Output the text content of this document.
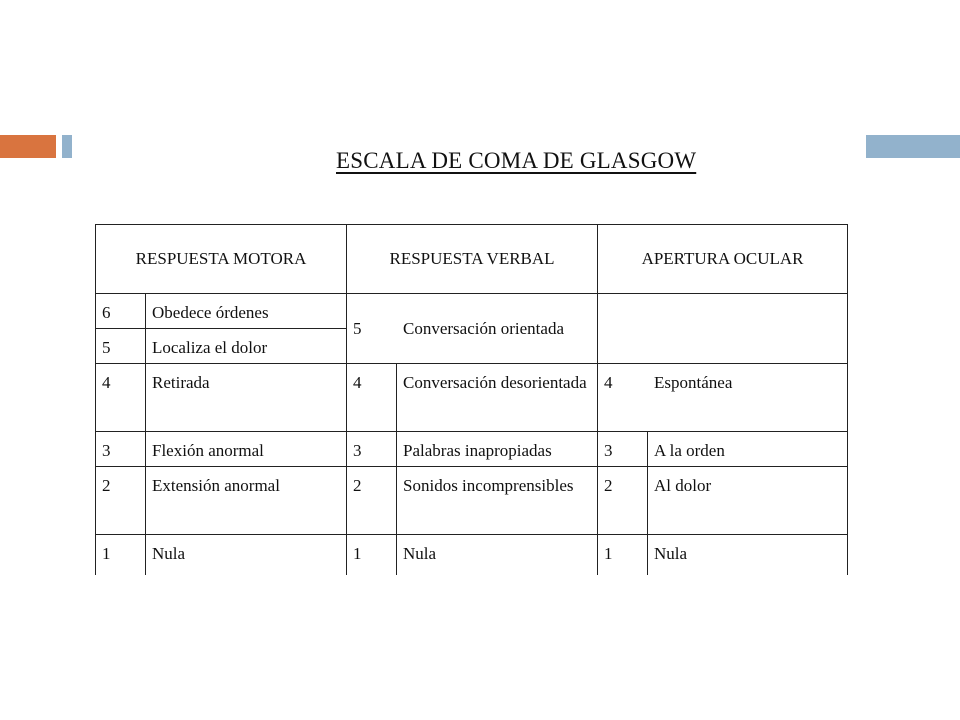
ESCALA DE COMA DE GLASGOW
RESPUESTA MOTORA		RESPUESTA VERBAL		APERTURA OCULAR	
6	Obedece órdenes	5 Conversación orientada			
5	Localiza el dolor				
4	Retirada	4	Conversación desorientada	4 Espontánea	
3	Flexión anormal	3	Palabras inapropiadas	3	A la orden
2	Extensión anormal	2	Sonidos incomprensibles	2	Al dolor
1	Nula	1	Nula	1	Nula
